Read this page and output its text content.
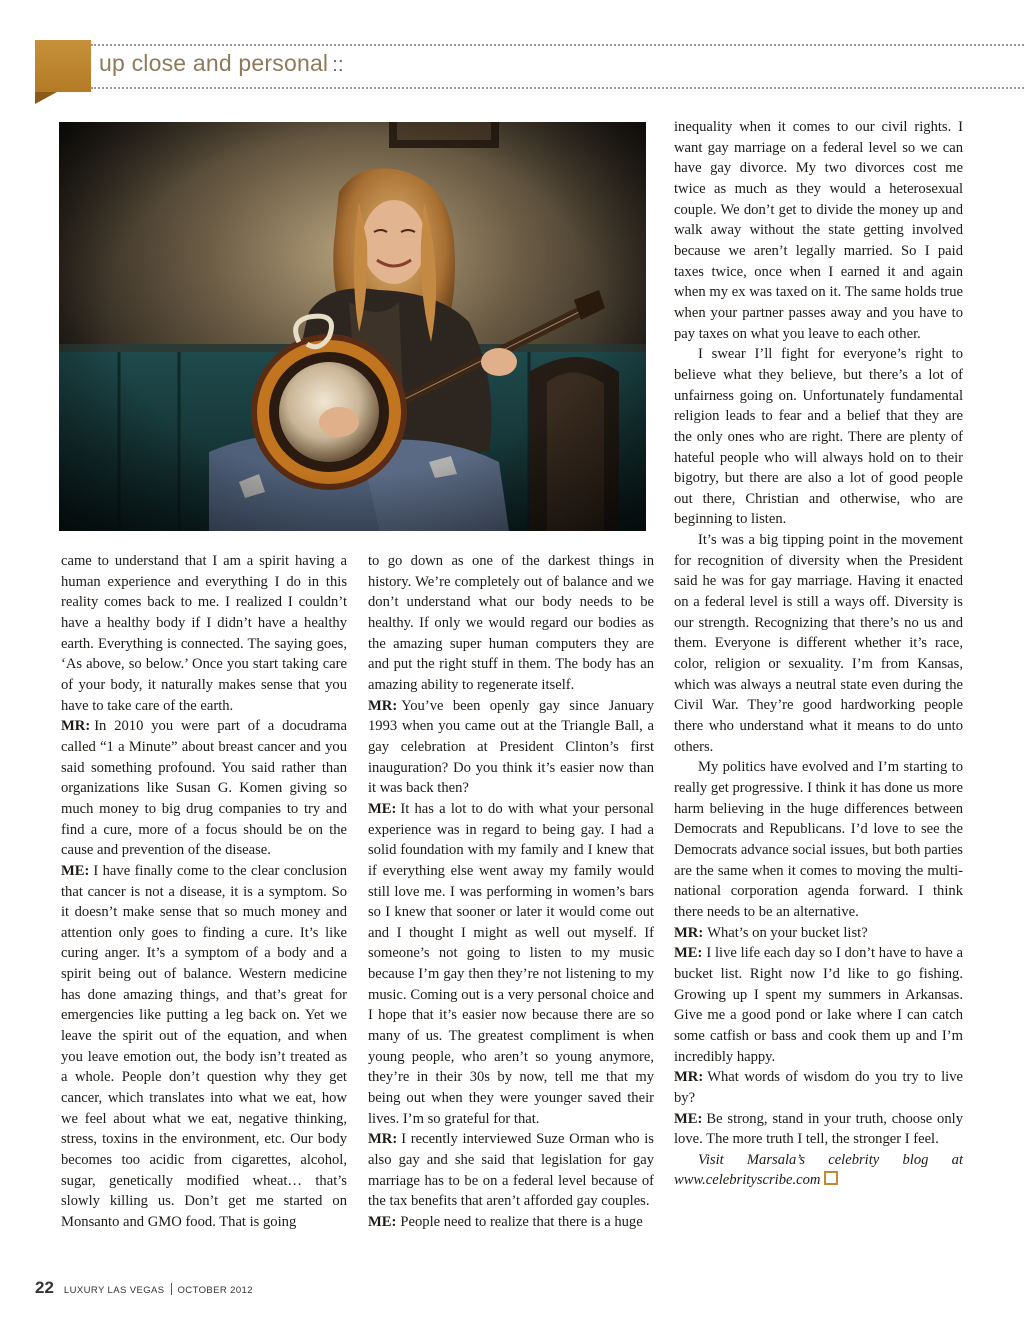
up close and personal ::

came to understand that I am a spirit having a human experience and everything I do in this reality comes back to me. I realized I couldn’t have a healthy body if I didn’t have a healthy earth. Everything is connected. The saying goes, ‘As above, so below.’ Once you start taking care of your body, it naturally makes sense that you have to take care of the earth.

MR: In 2010 you were part of a docudrama called “1 a Minute” about breast cancer and you said something profound. You said rather than organizations like Susan G. Komen giving so much money to big drug companies to try and find a cure, more of a focus should be on the cause and prevention of the disease.

ME: I have finally come to the clear conclusion that cancer is not a disease, it is a symptom. So it doesn’t make sense that so much money and attention only goes to finding a cure. It’s like curing anger. It’s a symptom of a body and a spirit being out of balance. Western medicine has done amazing things, and that’s great for emergencies like putting a leg back on. Yet we leave the spirit out of the equation, and when you leave emotion out, the body isn’t treated as a whole. People don’t question why they get cancer, which translates into what we eat, how we feel about what we eat, negative thinking, stress, toxins in the environment, etc. Our body becomes too acidic from cigarettes, alcohol, sugar, genetically modified wheat… that’s slowly killing us. Don’t get me started on Monsanto and GMO food. That is going

to go down as one of the darkest things in history. We’re completely out of balance and we don’t understand what our body needs to be healthy. If only we would regard our bodies as the amazing super human computers they are and put the right stuff in them. The body has an amazing ability to regenerate itself.

MR: You’ve been openly gay since January 1993 when you came out at the Triangle Ball, a gay celebration at President Clinton’s first inauguration? Do you think it’s easier now than it was back then?

ME: It has a lot to do with what your personal experience was in regard to being gay. I had a solid foundation with my family and I knew that if everything else went away my family would still love me. I was performing in women’s bars so I knew that sooner or later it would come out and I thought I might as well out myself. If someone’s not going to listen to my music because I’m gay then they’re not listening to my music. Coming out is a very personal choice and I hope that it’s easier now because there are so many of us. The greatest compliment is when young people, who aren’t so young anymore, they’re in their 30s by now, tell me that my being out when they were younger saved their lives. I’m so grateful for that.

MR: I recently interviewed Suze Orman who is also gay and she said that legislation for gay marriage has to be on a federal level because of the tax benefits that aren’t afforded gay couples.

ME: People need to realize that there is a huge

inequality when it comes to our civil rights. I want gay marriage on a federal level so we can have gay divorce. My two divorces cost me twice as much as they would a heterosexual couple. We don’t get to divide the money up and walk away without the state getting involved because we aren’t legally married. So I paid taxes twice, once when I earned it and again when my ex was taxed on it. The same holds true when your partner passes away and you have to pay taxes on what you leave to each other.

I swear I’ll fight for everyone’s right to believe what they believe, but there’s a lot of unfairness going on. Unfortunately fundamental religion leads to fear and a belief that they are the only ones who are right. There are plenty of hateful people who will always hold on to their bigotry, but there are also a lot of good people out there, Christian and otherwise, who are beginning to listen.

It’s was a big tipping point in the movement for recognition of diversity when the President said he was for gay marriage. Having it enacted on a federal level is still a ways off. Diversity is our strength. Recognizing that there’s no us and them. Everyone is different whether it’s race, color, religion or sexuality. I’m from Kansas, which was always a neutral state even during the Civil War. They’re good hardworking people there who understand what it means to do unto others.

My politics have evolved and I’m starting to really get progressive. I think it has done us more harm believing in the huge differences between Democrats and Republicans. I’d love to see the Democrats advance social issues, but both parties are the same when it comes to moving the multi-national corporation agenda forward. I think there needs to be an alternative.

MR: What’s on your bucket list?

ME: I live life each day so I don’t have to have a bucket list. Right now I’d like to go fishing. Growing up I spent my summers in Arkansas. Give me a good pond or lake where I can catch some catfish or bass and cook them up and I’m incredibly happy.

MR: What words of wisdom do you try to live by?

ME: Be strong, stand in your truth, choose only love. The more truth I tell, the stronger I feel.

Visit Marsala’s celebrity blog at

www.celebrityscribe.com

22 LUXURY LAS VEGAS OCTOBER 2012
